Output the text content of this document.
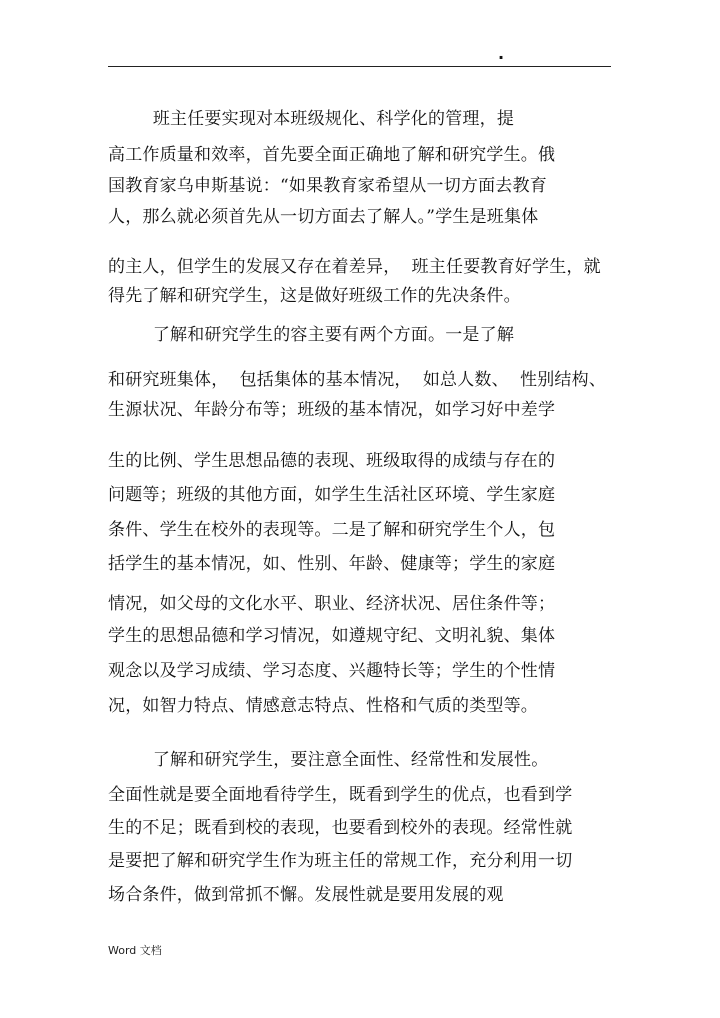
.
班主任要实现对本班级规化、科学化的管理，提
高工作质量和效率，首先要全面正确地了解和研究学生。俄
国教育家乌申斯基说：“如果教育家希望从一切方面去教育
人，那么就必须首先从一切方面去了解人。”学生是班集体
的主人，但学生的发展又存在着差异，  班主任要教育好学生，就
得先了解和研究学生，这是做好班级工作的先决条件。
了解和研究学生的容主要有两个方面。一是了解
和研究班集体，  包括集体的基本情况，  如总人数、  性别结构、
生源状况、年龄分布等；班级的基本情况，如学习好中差学
生的比例、学生思想品德的表现、班级取得的成绩与存在的
问题等；班级的其他方面，如学生生活社区环境、学生家庭
条件、学生在校外的表现等。二是了解和研究学生个人，包
括学生的基本情况，如、性别、年龄、健康等；学生的家庭
情况，如父母的文化水平、职业、经济状况、居住条件等；
学生的思想品德和学习情况，如遵规守纪、文明礼貌、集体
观念以及学习成绩、学习态度、兴趣特长等；学生的个性情
况，如智力特点、情感意志特点、性格和气质的类型等。
了解和研究学生，要注意全面性、经常性和发展性。
全面性就是要全面地看待学生，既看到学生的优点，也看到学
生的不足；既看到校的表现，也要看到校外的表现。经常性就
是要把了解和研究学生作为班主任的常规工作，充分利用一切
场合条件，做到常抓不懈。发展性就是要用发展的观
Word 文档
